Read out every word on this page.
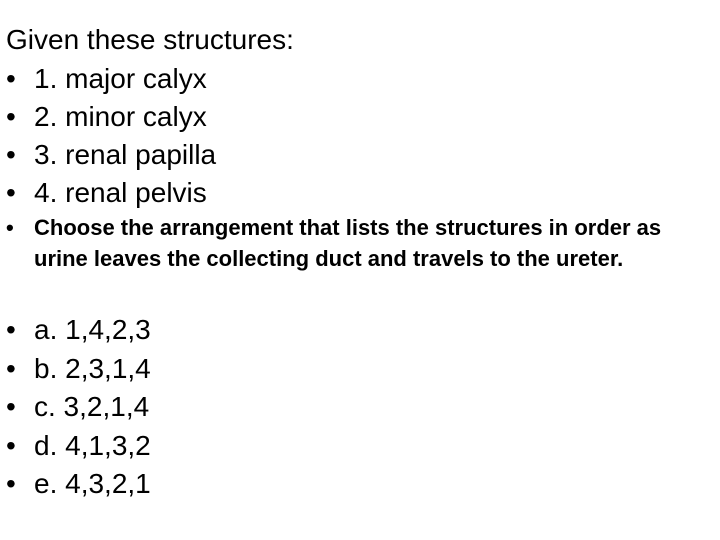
Given these structures:
• 1. major calyx
• 2. minor calyx
• 3. renal papilla
• 4. renal pelvis
• Choose the arrangement that lists the structures in order as urine leaves the collecting duct and travels to the ureter.
• a. 1,4,2,3
• b. 2,3,1,4
• c. 3,2,1,4
• d. 4,1,3,2
• e. 4,3,2,1
